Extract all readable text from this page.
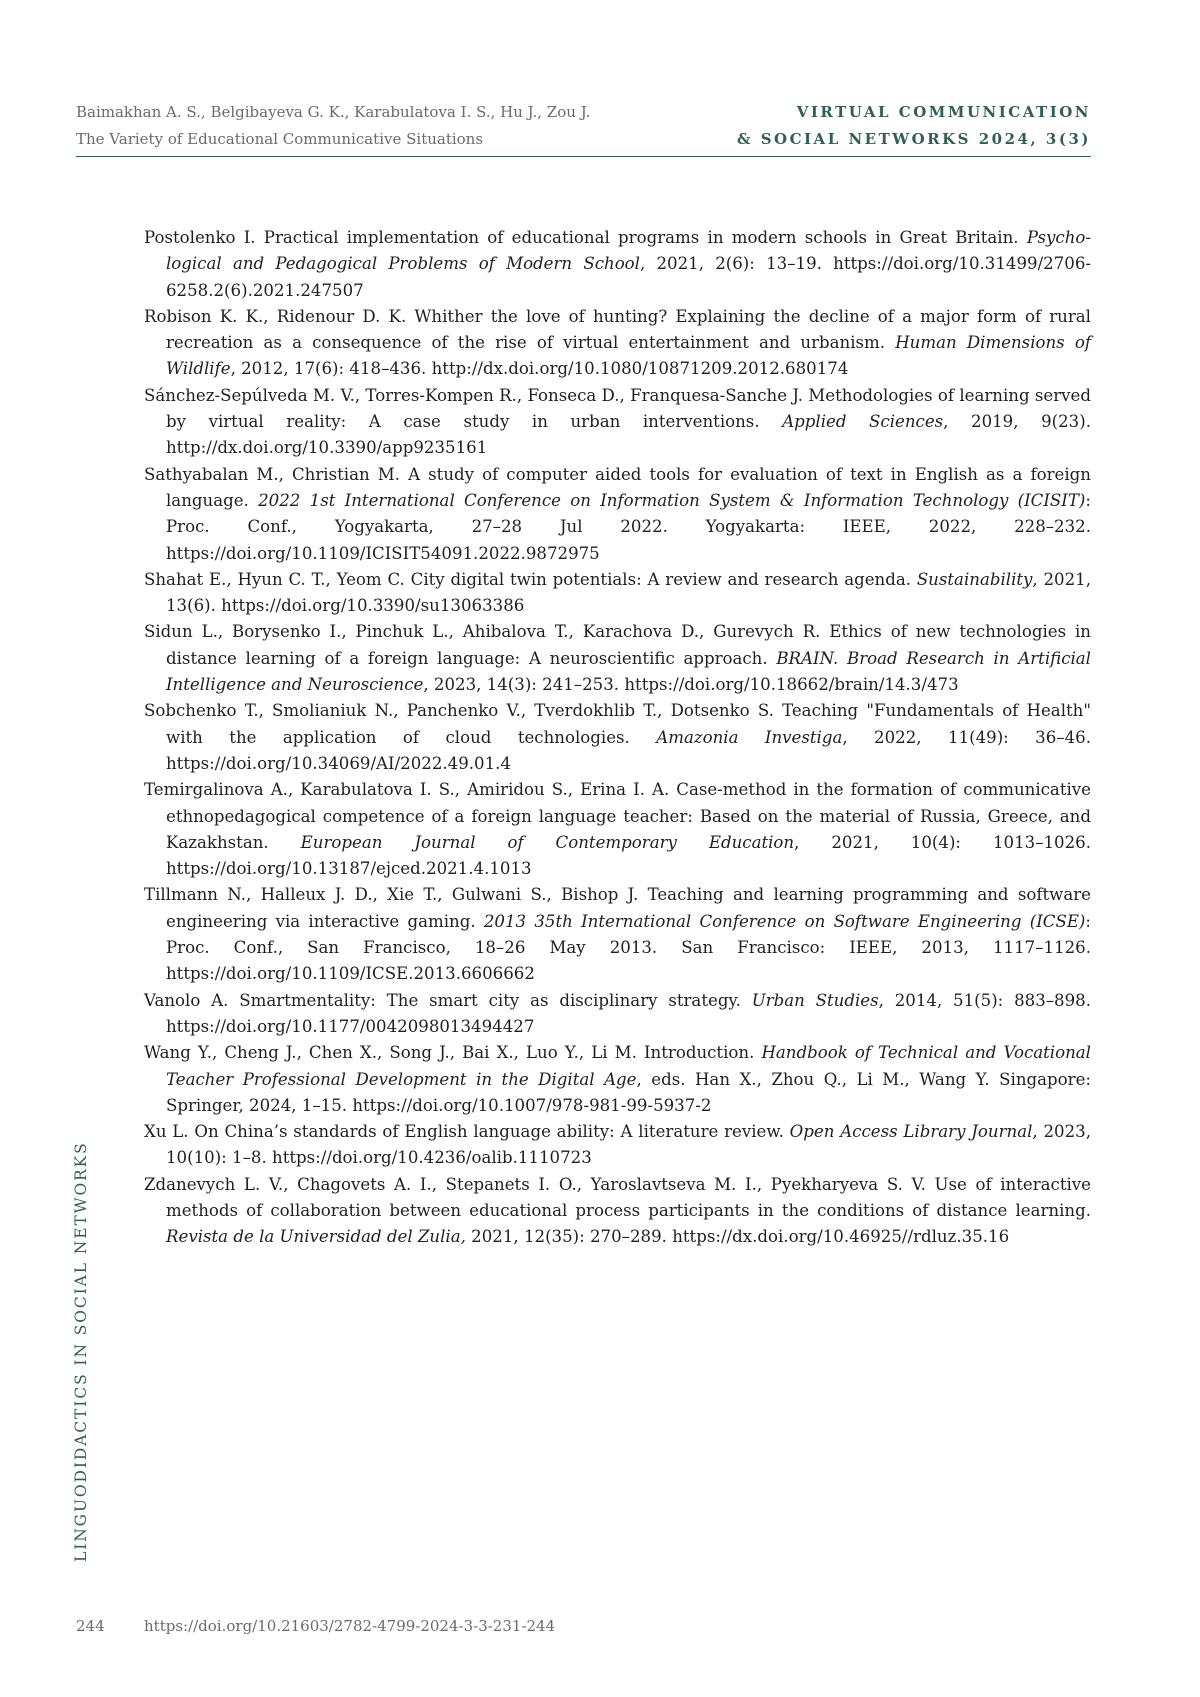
Baimakhan A. S., Belgibayeva G. K., Karabulatova I. S., Hu J., Zou J.
The Variety of Educational Communicative Situations
VIRTUAL COMMUNICATION
& SOCIAL NETWORKS 2024, 3(3)

Postolenko I. Practical implementation of educational programs in modern schools in Great Britain. Psycho-logical and Pedagogical Problems of Modern School, 2021, 2(6): 13–19. https://doi.org/10.31499/2706-6258.2(6).2021.247507

Robison K. K., Ridenour D. K. Whither the love of hunting? Explaining the decline of a major form of rural recreation as a consequence of the rise of virtual entertainment and urbanism. Human Dimensions of Wildlife, 2012, 17(6): 418–436. http://dx.doi.org/10.1080/10871209.2012.680174

Sánchez-Sepúlveda M. V., Torres-Kompen R., Fonseca D., Franquesa-Sanche J. Methodologies of learning served by virtual reality: A case study in urban interventions. Applied Sciences, 2019, 9(23). http://dx.doi.org/10.3390/app9235161

Sathyabalan M., Christian M. A study of computer aided tools for evaluation of text in English as a foreign language. 2022 1st International Conference on Information System & Information Technology (ICISIT): Proc. Conf., Yogyakarta, 27–28 Jul 2022. Yogyakarta: IEEE, 2022, 228–232. https://doi.org/10.1109/ICISIT54091.2022.9872975

Shahat E., Hyun C. T., Yeom C. City digital twin potentials: A review and research agenda. Sustainability, 2021, 13(6). https://doi.org/10.3390/su13063386

Sidun L., Borysenko I., Pinchuk L., Ahibalova T., Karachova D., Gurevych R. Ethics of new technologies in distance learning of a foreign language: A neuroscientific approach. BRAIN. Broad Research in Artificial Intelligence and Neuroscience, 2023, 14(3): 241–253. https://doi.org/10.18662/brain/14.3/473

Sobchenko T., Smolianiuk N., Panchenko V., Tverdokhlib T., Dotsenko S. Teaching "Fundamentals of Health" with the application of cloud technologies. Amazonia Investiga, 2022, 11(49): 36–46. https://doi.org/10.34069/AI/2022.49.01.4

Temirgalinova A., Karabulatova I. S., Amiridou S., Erina I. A. Case-method in the formation of communicative ethnopedagogical competence of a foreign language teacher: Based on the material of Russia, Greece, and Kazakhstan. European Journal of Contemporary Education, 2021, 10(4): 1013–1026. https://doi.org/10.13187/ejced.2021.4.1013

Tillmann N., Halleux J. D., Xie T., Gulwani S., Bishop J. Teaching and learning programming and software engineering via interactive gaming. 2013 35th International Conference on Software Engineering (ICSE): Proc. Conf., San Francisco, 18–26 May 2013. San Francisco: IEEE, 2013, 1117–1126. https://doi.org/10.1109/ICSE.2013.6606662

Vanolo A. Smartmentality: The smart city as disciplinary strategy. Urban Studies, 2014, 51(5): 883–898. https://doi.org/10.1177/0042098013494427

Wang Y., Cheng J., Chen X., Song J., Bai X., Luo Y., Li M. Introduction. Handbook of Technical and Vocational Teacher Professional Development in the Digital Age, eds. Han X., Zhou Q., Li M., Wang Y. Singapore: Springer, 2024, 1–15. https://doi.org/10.1007/978-981-99-5937-2

Xu L. On China’s standards of English language ability: A literature review. Open Access Library Journal, 2023, 10(10): 1–8. https://doi.org/10.4236/oalib.1110723

Zdanevych L. V., Chagovets A. I., Stepanets I. O., Yaroslavtseva M. I., Pyekharyeva S. V. Use of interactive methods of collaboration between educational process participants in the conditions of distance learning. Revista de la Universidad del Zulia, 2021, 12(35): 270–289. https://dx.doi.org/10.46925//rdluz.35.16

LINGUODIDACTICS IN SOCIAL NETWORKS
244	https://doi.org/10.21603/2782-4799-2024-3-3-231-244
